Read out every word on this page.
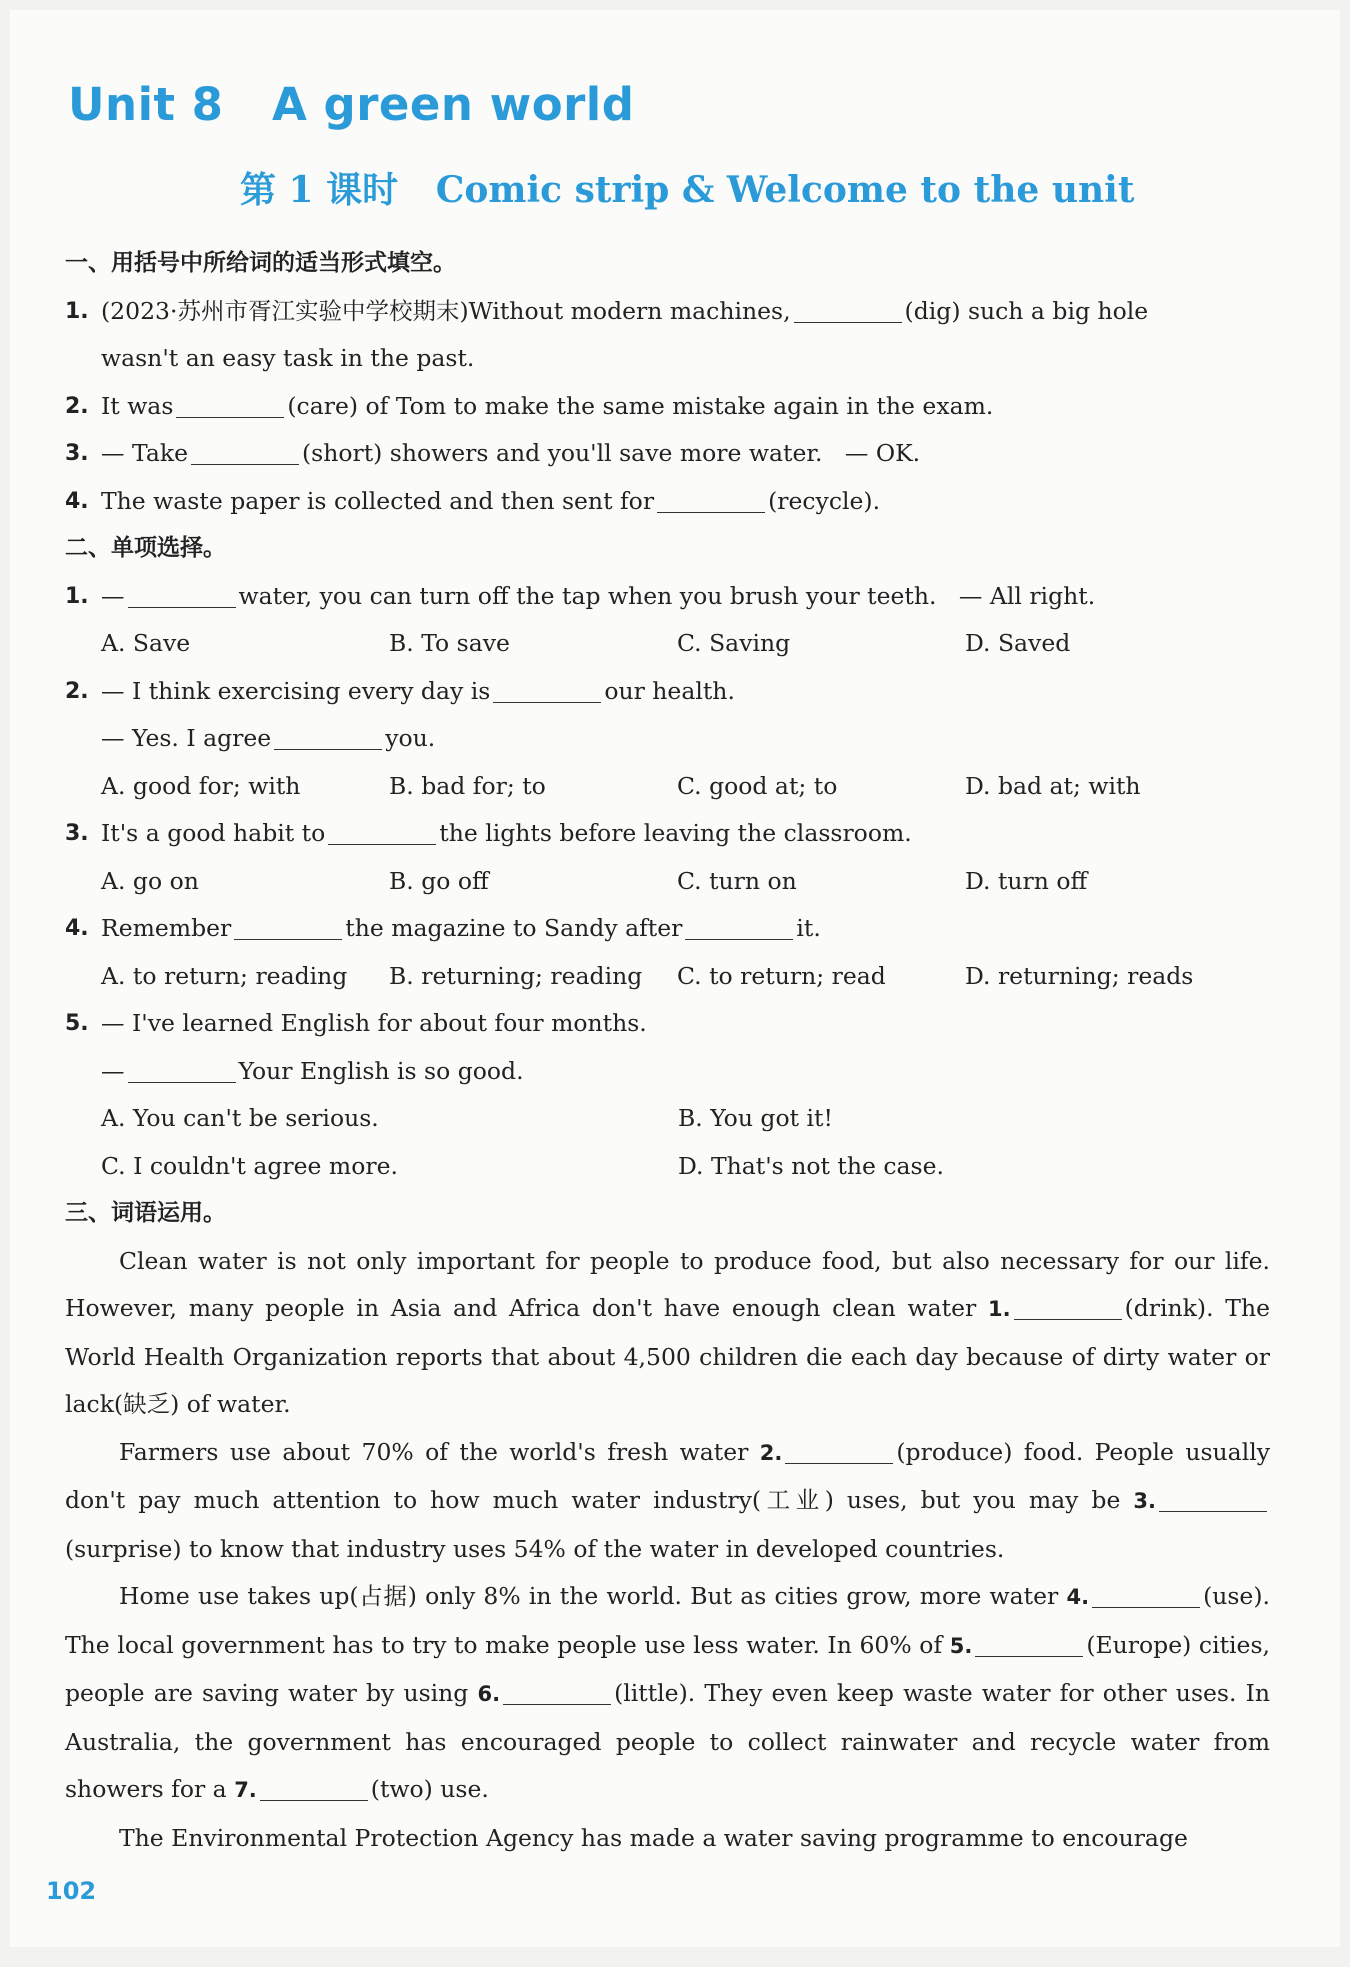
Unit 8   A green world
第 1 课时   Comic strip & Welcome to the unit
一、用括号中所给词的适当形式填空。
1. (2023·苏州市胥江实验中学校期末)Without modern machines,	(dig) such a big hole
wasn't an easy task in the past.
2. It was	(care) of Tom to make the same mistake again in the exam.
3. — Take	(short) showers and you'll save more water.   — OK.
4. The waste paper is collected and then sent for	(recycle).
二、单项选择。
1. —	water, you can turn off the tap when you brush your teeth.   — All right.
A. Save	B. To save	C. Saving	D. Saved
2. — I think exercising every day is	our health.
— Yes. I agree	you.
A. good for; with	B. bad for; to	C. good at; to	D. bad at; with
3. It's a good habit to	the lights before leaving the classroom.
A. go on	B. go off	C. turn on	D. turn off
4. Remember	the magazine to Sandy after	it.
A. to return; reading	B. returning; reading	C. to return; read	D. returning; reads
5. — I've learned English for about four months.
—	Your English is so good.
A. You can't be serious.	B. You got it!
C. I couldn't agree more.	D. That's not the case.
三、词语运用。
Clean water is not only important for people to produce food, but also necessary for our life. However, many people in Asia and Africa don't have enough clean water 1.	(drink). The World Health Organization reports that about 4,500 children die each day because of dirty water or lack(缺乏) of water.
Farmers use about 70% of the world's fresh water 2.	(produce) food. People usually don't pay much attention to how much water industry(工业) uses, but you may be 3.(surprise) to know that industry uses 54% of the water in developed countries.
Home use takes up(占据) only 8% in the world. But as cities grow, more water 4.	(use). The local government has to try to make people use less water. In 60% of 5.	(Europe) cities, people are saving water by using 6.	(little). They even keep waste water for other uses. In Australia, the government has encouraged people to collect rainwater and recycle water from showers for a 7.	(two) use.
The Environmental Protection Agency has made a water saving programme to encourage
102
